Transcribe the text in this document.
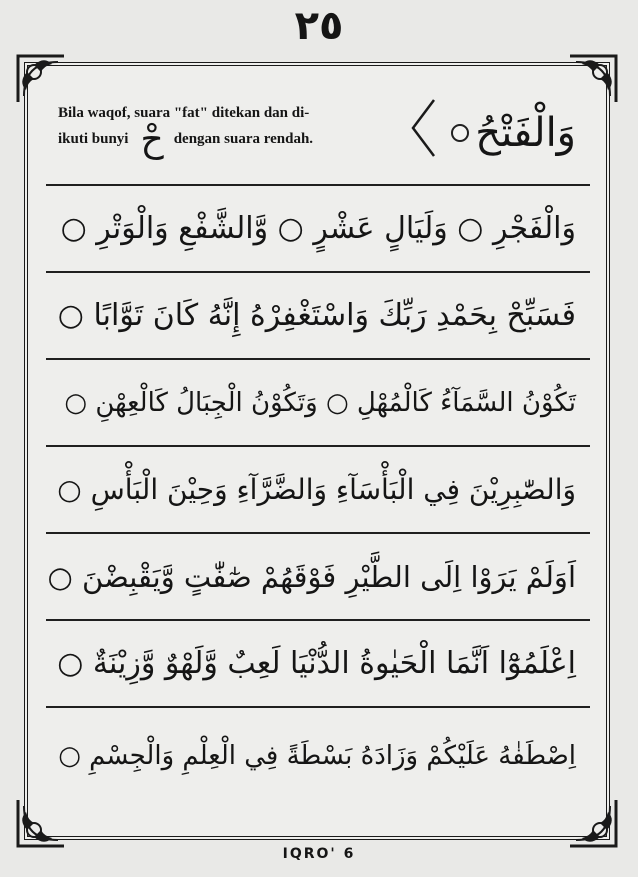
٢٥
Bila waqof, suara "fat" ditekan dan di-
ikuti bunyi حْ dengan suara rendah.	وَالْفَتْحُ
وَالْفَجْرِ ○ وَلَيَالٍ عَشْرٍ ○ وَّالشَّفْعِ وَالْوَتْرِ ○
فَسَبِّحْ بِحَمْدِ رَبِّكَ وَاسْتَغْفِرْهُ إِنَّهُ كَانَ تَوَّابًا ○
تَكُوْنُ السَّمَآءُ كَالْمُهْلِ ○ وَتَكُوْنُ الْجِبَالُ كَالْعِهْنِ ○
وَالصّٰبِرِيْنَ فِي الْبَأْسَآءِ وَالضَّرَّآءِ وَحِيْنَ الْبَأْسِ ○
اَوَلَمْ يَرَوْا اِلَى الطَّيْرِ فَوْقَهُمْ صٰٓفّٰتٍ وَّيَقْبِضْنَ ○
اِعْلَمُوْٓا اَنَّمَا الْحَيٰوةُ الدُّنْيَا لَعِبٌ وَّلَهْوٌ وَّزِيْنَةٌ ○
اِصْطَفٰهُ عَلَيْكُمْ وَزَادَهُ بَسْطَةً فِي الْعِلْمِ وَالْجِسْمِ ○
IQRO' 6
